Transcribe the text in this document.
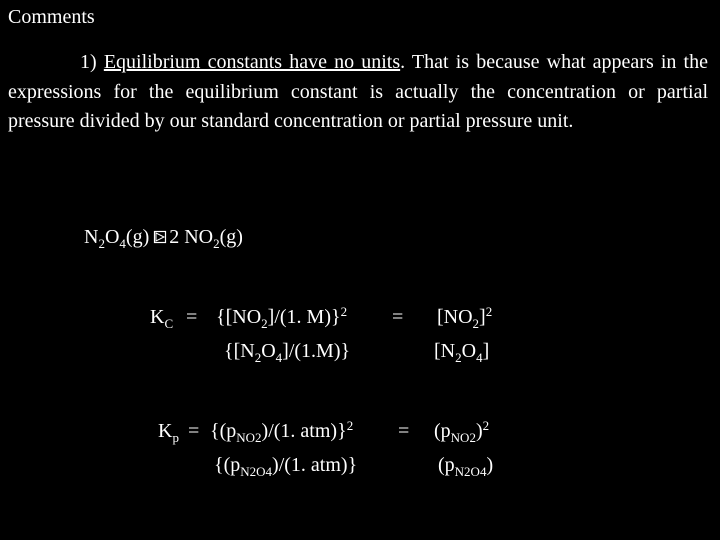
Comments
1) Equilibrium constants have no units. That is because what appears in the expressions for the equilibrium constant is actually the concentration or partial pressure divided by our standard concentration or partial pressure unit.
$N_2O_4(g)$ ⇌ 2 $NO_2(g)$
$K_C = \{[NO_2]/(1$. M)}$^2$ =
$\{[N_2O_4]/(1.M)\}$
$[NO_2]^2$
$[N_2O_4]$
$K_p = \{(p_{NO2})/(1$. atm)}$^2$ =
{$(p_{N2O4})/(1$. atm)}
$(p_{NO2})^2$
$(p_{N2O4})$
